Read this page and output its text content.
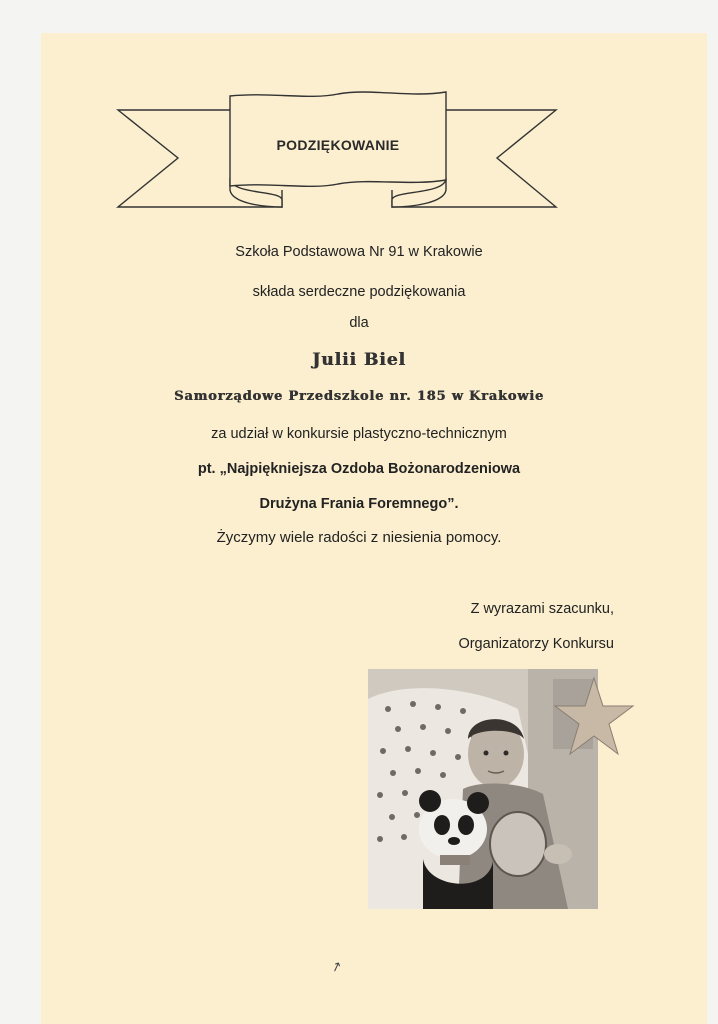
PODZIĘKOWANIE
Szkoła Podstawowa Nr 91 w Krakowie
składa serdeczne podziękowania
dla
Julii Biel
Samorządowe Przedszkole nr. 185 w Krakowie
za udział w konkursie plastyczno-technicznym
pt. „Najpiękniejsza Ozdoba Bożonarodzeniowa
Drużyna Frania Foremnego”.
Życzymy wiele radości z niesienia pomocy.
Z wyrazami szacunku,
Organizatorzy Konkursu
↗
